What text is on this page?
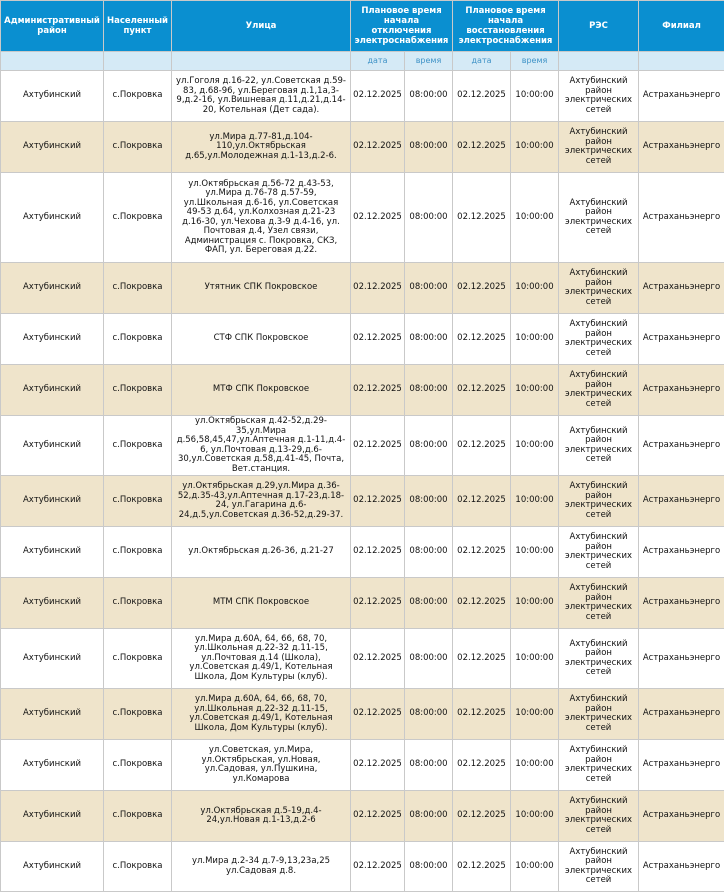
Административный район	Населенный пункт	Улица	Плановое время начала отключения электроснабжения		Плановое время начала восстановления электроснабжения		РЭС	Филиал
			дата	время	дата	время		
Ахтубинский	с.Покровка	ул.Гоголя д.16-22, ул.Советская д.59-83, д.68-96, ул.Береговая д.1,1а,3-9,д.2-16, ул.Вишневая д.11,д.21,д.14-20, Котельная (Дет сада).	02.12.2025	08:00:00	02.12.2025	10:00:00	Ахтубинский район электрических сетей	Астраханьэнерго
Ахтубинский	с.Покровка	ул.Мира д.77-81,д.104-110,ул.Октябрьская д.65,ул.Молодежная д.1-13,д.2-6.	02.12.2025	08:00:00	02.12.2025	10:00:00	Ахтубинский район электрических сетей	Астраханьэнерго
Ахтубинский	с.Покровка	ул.Октябрьская д.56-72 д.43-53, ул.Мира д.76-78 д.57-59, ул.Школьная д.6-16, ул.Советская 49-53 д.64, ул.Колхозная д.21-23 д.16-30, ул.Чехова д.3-9 д.4-16, ул. Почтовая д.4, Узел связи, Администрация с. Покровка, СКЗ, ФАП, ул. Береговая д.22.	02.12.2025	08:00:00	02.12.2025	10:00:00	Ахтубинский район электрических сетей	Астраханьэнерго
Ахтубинский	с.Покровка	Утятник СПК Покровское	02.12.2025	08:00:00	02.12.2025	10:00:00	Ахтубинский район электрических сетей	Астраханьэнерго
Ахтубинский	с.Покровка	СТФ СПК Покровское	02.12.2025	08:00:00	02.12.2025	10:00:00	Ахтубинский район электрических сетей	Астраханьэнерго
Ахтубинский	с.Покровка	МТФ СПК Покровское	02.12.2025	08:00:00	02.12.2025	10:00:00	Ахтубинский район электрических сетей	Астраханьэнерго
Ахтубинский	с.Покровка	ул.Октябрьская д.42-52,д.29-35,ул.Мира д.56,58,45,47,ул.Аптечная д.1-11,д.4-6, ул.Почтовая д.13-29,д.6-30,ул.Советская д.58,д.41-45, Почта, Вет.станция.	02.12.2025	08:00:00	02.12.2025	10:00:00	Ахтубинский район электрических сетей	Астраханьэнерго
Ахтубинский	с.Покровка	ул.Октябрьская д.29,ул.Мира д.36-52,д.35-43,ул.Аптечная д.17-23,д.18-24, ул.Гагарина д.6-24,д.5,ул.Советская д.36-52,д.29-37.	02.12.2025	08:00:00	02.12.2025	10:00:00	Ахтубинский район электрических сетей	Астраханьэнерго
Ахтубинский	с.Покровка	ул.Октябрьская д.26-36, д.21-27	02.12.2025	08:00:00	02.12.2025	10:00:00	Ахтубинский район электрических сетей	Астраханьэнерго
Ахтубинский	с.Покровка	МТМ СПК Покровское	02.12.2025	08:00:00	02.12.2025	10:00:00	Ахтубинский район электрических сетей	Астраханьэнерго
Ахтубинский	с.Покровка	ул.Мира д.60А, 64, 66, 68, 70, ул.Школьная д.22-32 д.11-15, ул.Почтовая д.14 (Школа), ул.Советская д.49/1, Котельная Школа, Дом Культуры (клуб).	02.12.2025	08:00:00	02.12.2025	10:00:00	Ахтубинский район электрических сетей	Астраханьэнерго
Ахтубинский	с.Покровка	ул.Мира д.60А, 64, 66, 68, 70, ул.Школьная д.22-32 д.11-15, ул.Советская д.49/1, Котельная Школа, Дом Культуры (клуб).	02.12.2025	08:00:00	02.12.2025	10:00:00	Ахтубинский район электрических сетей	Астраханьэнерго
Ахтубинский	с.Покровка	ул.Советская, ул.Мира, ул.Октябрьская, ул.Новая, ул.Садовая, ул.Пушкина, ул.Комарова	02.12.2025	08:00:00	02.12.2025	10:00:00	Ахтубинский район электрических сетей	Астраханьэнерго
Ахтубинский	с.Покровка	ул.Октябрьская д.5-19,д.4-24,ул.Новая д.1-13,д.2-6	02.12.2025	08:00:00	02.12.2025	10:00:00	Ахтубинский район электрических сетей	Астраханьэнерго
Ахтубинский	с.Покровка	ул.Мира д.2-34 д.7-9,13,23а,25 ул.Садовая д.8.	02.12.2025	08:00:00	02.12.2025	10:00:00	Ахтубинский район электрических сетей	Астраханьэнерго
